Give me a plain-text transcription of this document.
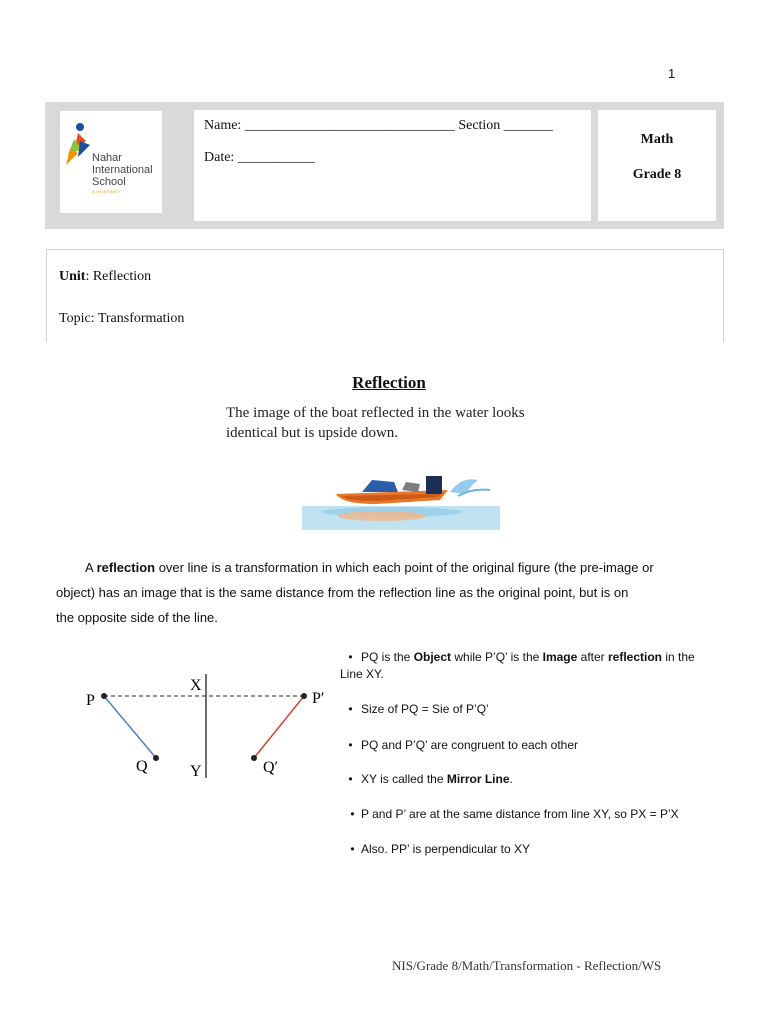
1
Nahar
International
School
A IN INFINITY
Name: ______________________________ Section _______
Date: ___________
Math
Grade 8
Unit: Reflection
Topic: Transformation
Reflection
The image of the boat reflected in the water looks identical but is upside down.
A reflection over line is a transformation in which each point of the original figure (the pre-image or
object) has an image that is the same distance from the reflection line as the original point, but is on
the opposite side of the line.
P
Q
P′
Q′
X
Y
• PQ is the Object while P’Q’ is the Image after reflection in the Line XY.
• Size of PQ = Sie of P’Q’
• PQ and P’Q’ are congruent to each other
• XY is called the Mirror Line.
• P and P’ are at the same distance from line XY, so PX = P’X
• Also. PP’ is perpendicular to XY
NIS/Grade 8/Math/Transformation - Reflection/WS
